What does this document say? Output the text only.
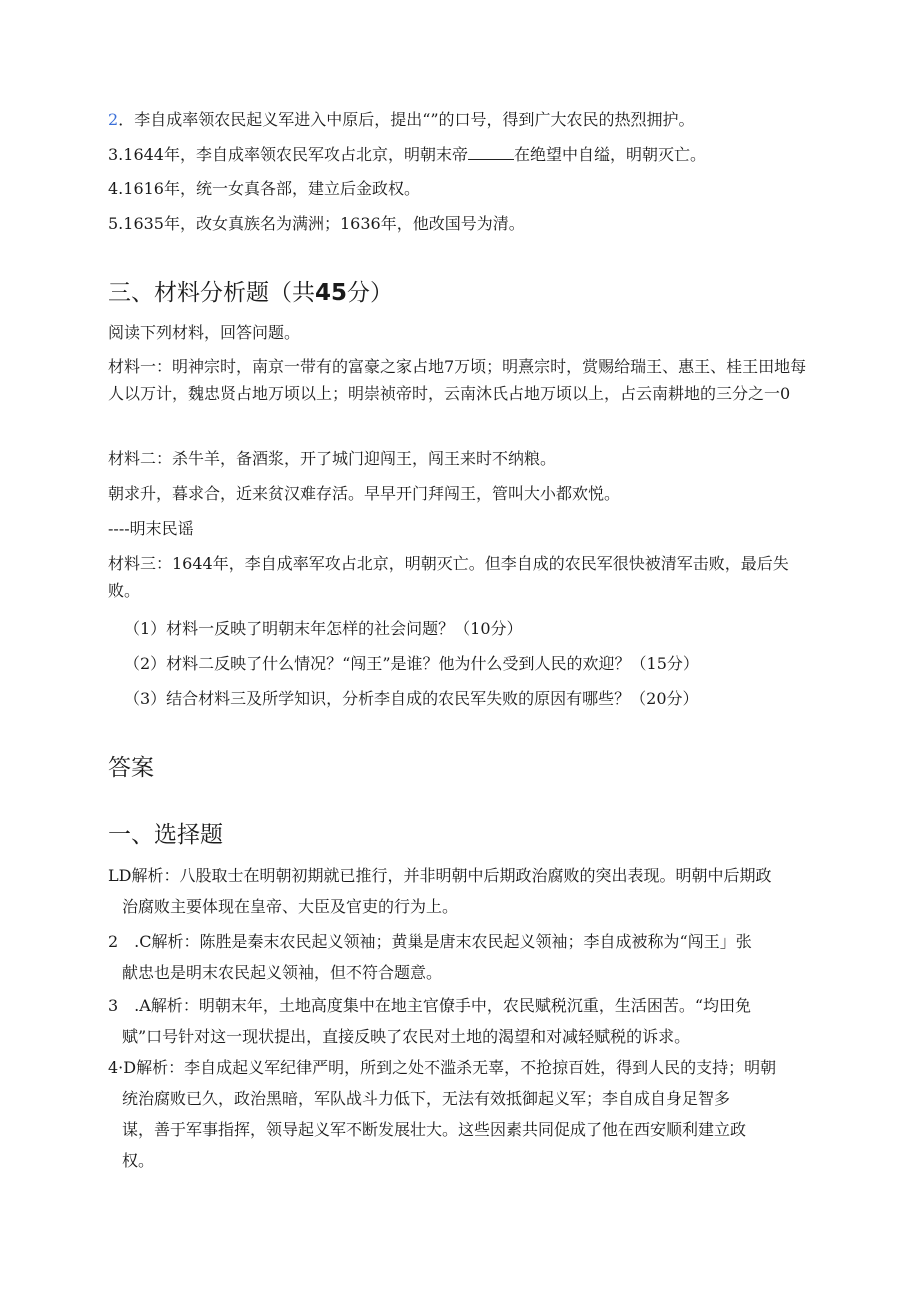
2．李自成率领农民起义军进入中原后，提出“”的口号，得到广大农民的热烈拥护。
3.1644年，李自成率领农民军攻占北京，明朝末帝	在绝望中自缢，明朝灭亡。
4.1616年，统一女真各部，建立后金政权。
5.1635年，改女真族名为满洲；1636年，他改国号为清。
三、材料分析题（共45分）
阅读下列材料，回答问题。
材料一：明神宗时，南京一带有的富豪之家占地7万顷；明熹宗时，赏赐给瑞王、惠王、桂王田地每人以万计，魏忠贤占地万顷以上；明崇祯帝时，云南沐氏占地万顷以上，占云南耕地的三分之一0
材料二：杀牛羊，备酒浆，开了城门迎闯王，闯王来时不纳粮。
朝求升，暮求合，近来贫汉难存活。早早开门拜闯王，管叫大小都欢悦。
----明末民谣
材料三：1644年，李自成率军攻占北京，明朝灭亡。但李自成的农民军很快被清军击败，最后失败。
（1）材料一反映了明朝末年怎样的社会问题？（10分）
（2）材料二反映了什么情况？“闯王”是谁？他为什么受到人民的欢迎？（15分）
（3）结合材料三及所学知识，分析李自成的农民军失败的原因有哪些？（20分）
答案
一、选择题
LD解析：八股取士在明朝初期就已推行，并非明朝中后期政治腐败的突出表现。明朝中后期政
治腐败主要体现在皇帝、大臣及官吏的行为上。
2　.C解析：陈胜是秦末农民起义领袖；黄巢是唐末农民起义领袖；李自成被称为“闯王」张
献忠也是明末农民起义领袖，但不符合题意。
3　.A解析：明朝末年，土地高度集中在地主官僚手中，农民赋税沉重，生活困苦。“均田免
赋”口号针对这一现状提出，直接反映了农民对土地的渴望和对减轻赋税的诉求。
4·D解析：李自成起义军纪律严明，所到之处不滥杀无辜，不抢掠百姓，得到人民的支持；明朝
统治腐败已久，政治黑暗，军队战斗力低下，无法有效抵御起义军；李自成自身足智多
谋，善于军事指挥，领导起义军不断发展壮大。这些因素共同促成了他在西安顺利建立政
权。
